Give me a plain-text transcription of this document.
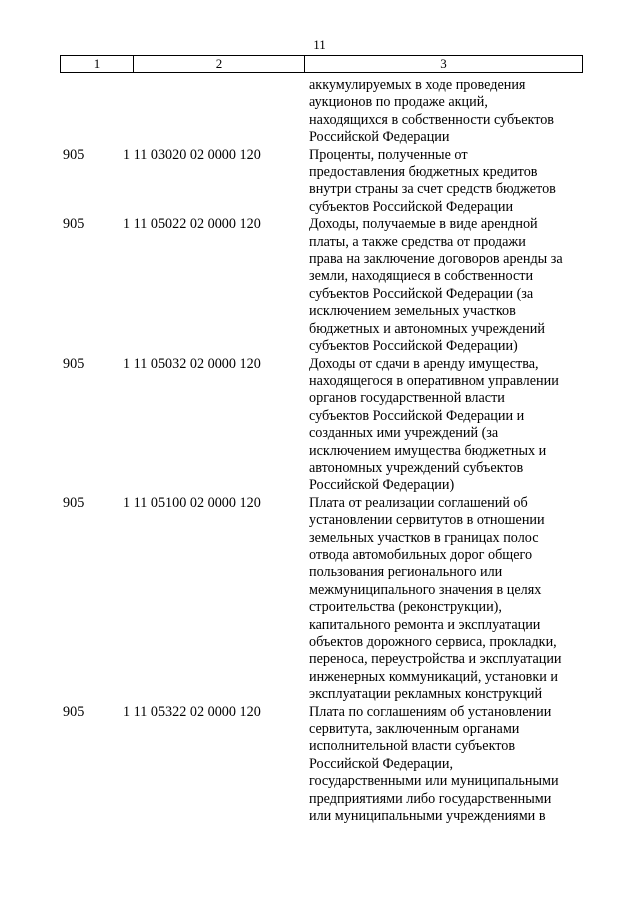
11
1	2	3
аккумулируемых в ходе проведения
аукционов по продаже акций,
находящихся в собственности субъектов
Российской Федерации
905	1 11 03020 02 0000 120	Проценты, полученные от
предоставления бюджетных кредитов
внутри страны за счет средств бюджетов
субъектов Российской Федерации
905	1 11 05022 02 0000 120	Доходы, получаемые в виде арендной
платы, а также средства от продажи
права на заключение договоров аренды за
земли, находящиеся в собственности
субъектов Российской Федерации (за
исключением земельных участков
бюджетных и автономных учреждений
субъектов Российской Федерации)
905	1 11 05032 02 0000 120	Доходы от сдачи в аренду имущества,
находящегося в оперативном управлении
органов государственной власти
субъектов Российской Федерации и
созданных ими учреждений (за
исключением имущества бюджетных и
автономных учреждений субъектов
Российской Федерации)
905	1 11 05100 02 0000 120	Плата от реализации соглашений об
установлении сервитутов в отношении
земельных участков в границах полос
отвода автомобильных дорог общего
пользования регионального или
межмуниципального значения в целях
строительства (реконструкции),
капитального ремонта и эксплуатации
объектов дорожного сервиса, прокладки,
переноса, переустройства и эксплуатации
инженерных коммуникаций, установки и
эксплуатации рекламных конструкций
905	1 11 05322 02 0000 120	Плата по соглашениям об установлении
сервитута, заключенным органами
исполнительной власти субъектов
Российской Федерации,
государственными или муниципальными
предприятиями либо государственными
или муниципальными учреждениями в
